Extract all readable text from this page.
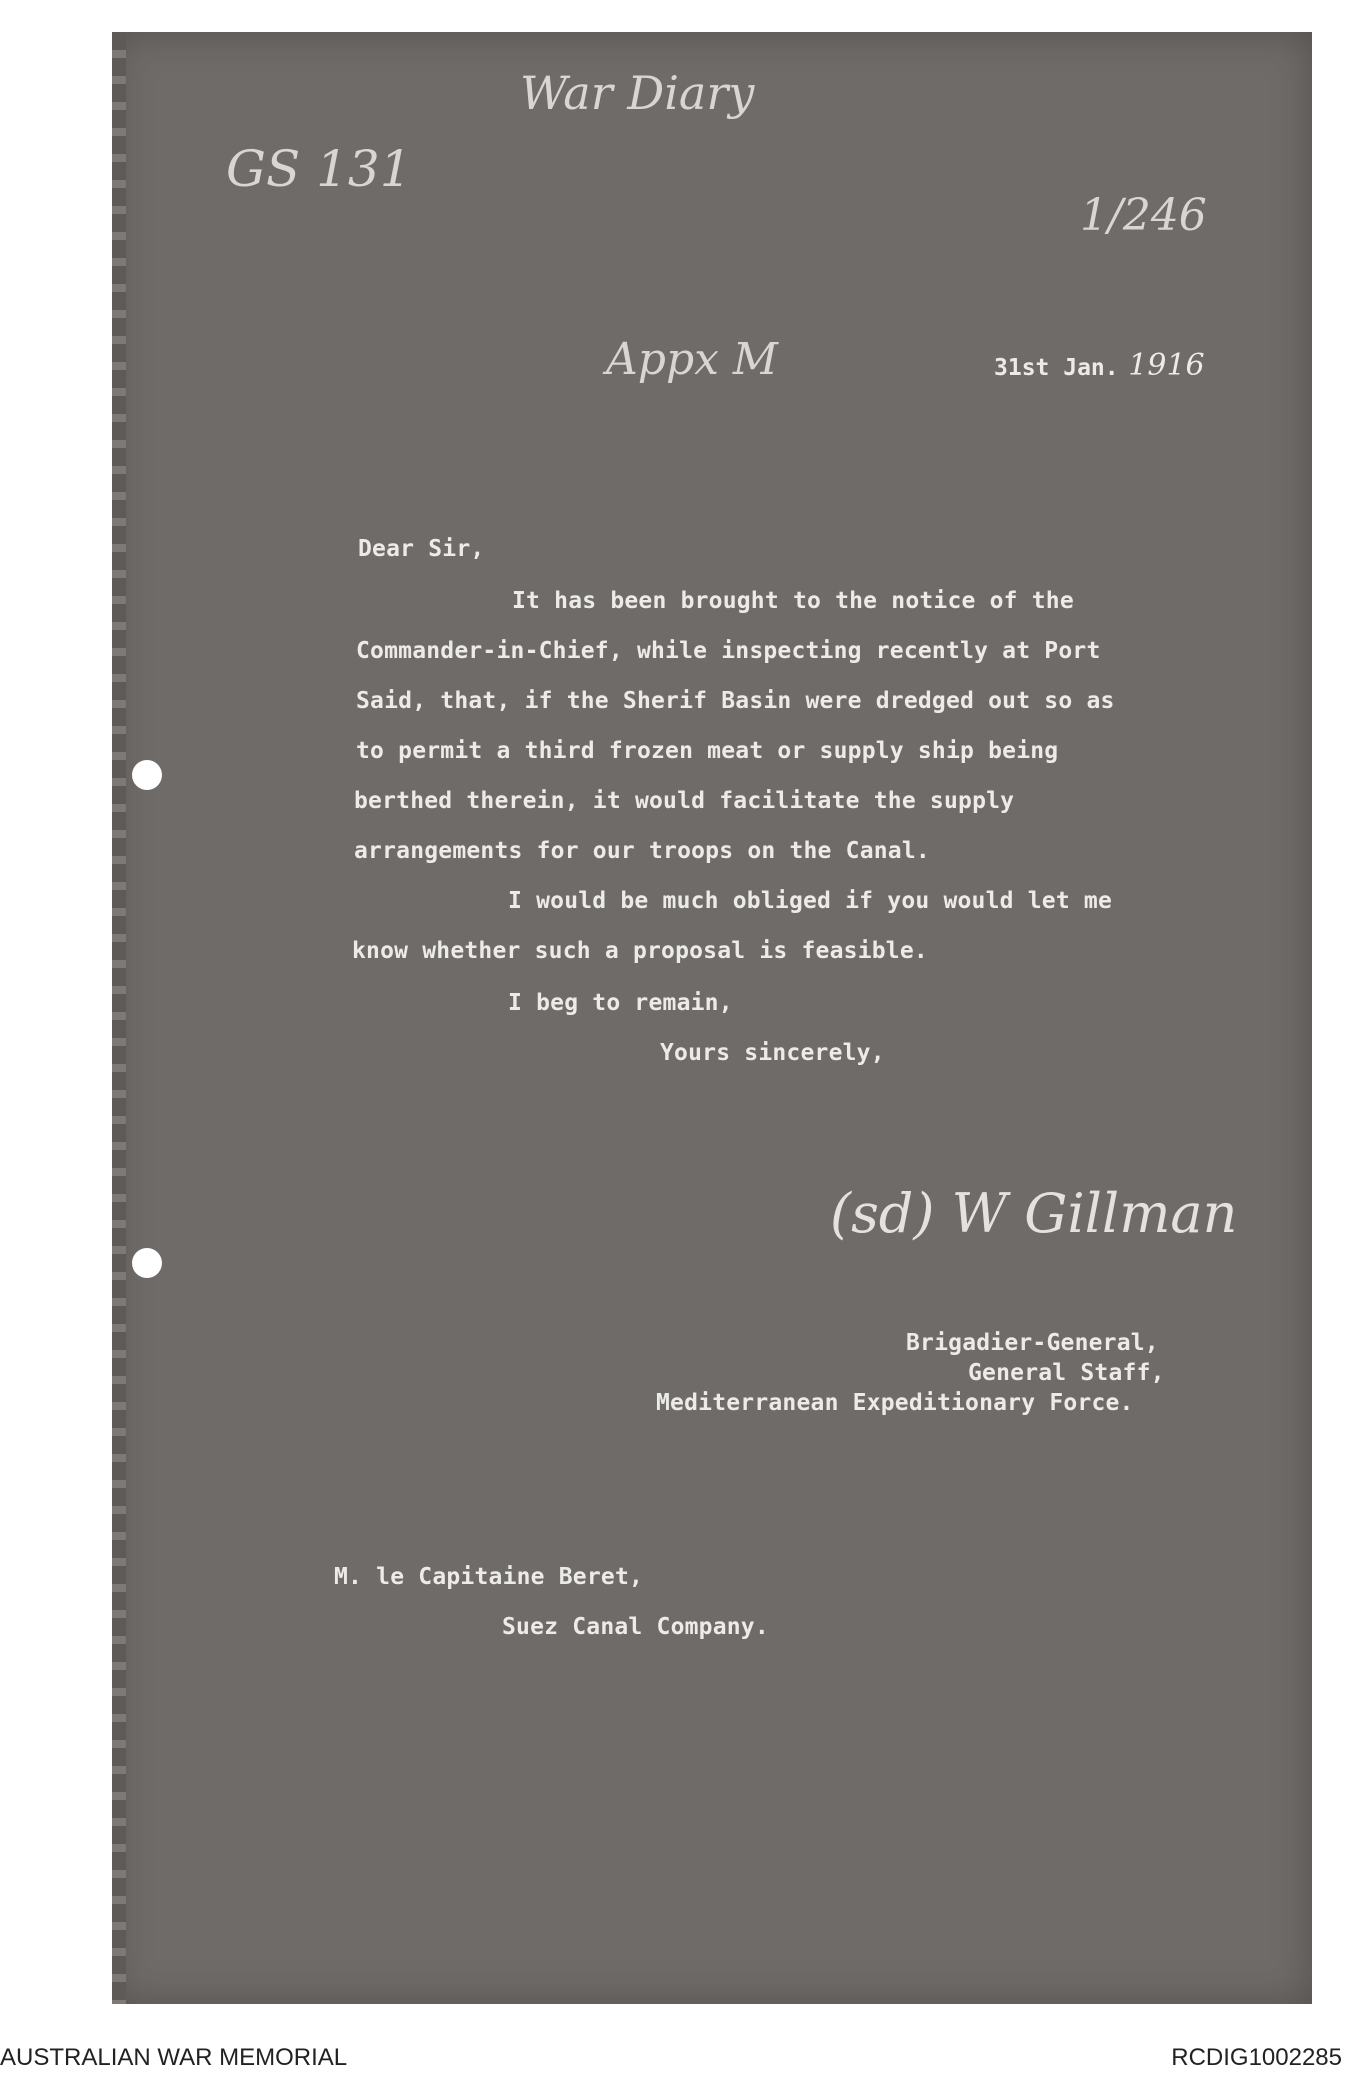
War Diary
GS 131
1/246
Appx M	31st Jan. 1916
Dear Sir,
It has been brought to the notice of the
Commander-in-Chief, while inspecting recently at Port
Said, that, if the Sherif Basin were dredged out so as
to permit a third frozen meat or supply ship being
berthed therein, it would facilitate the supply
arrangements for our troops on the Canal.
I would be much obliged if you would let me
know whether such a proposal is feasible.
I beg to remain,
Yours sincerely,
(sd) W Gillman
Brigadier-General,
General Staff,
Mediterranean Expeditionary Force.
M. le Capitaine Beret,
Suez Canal Company.
AUSTRALIAN WAR MEMORIAL	RCDIG1002285
